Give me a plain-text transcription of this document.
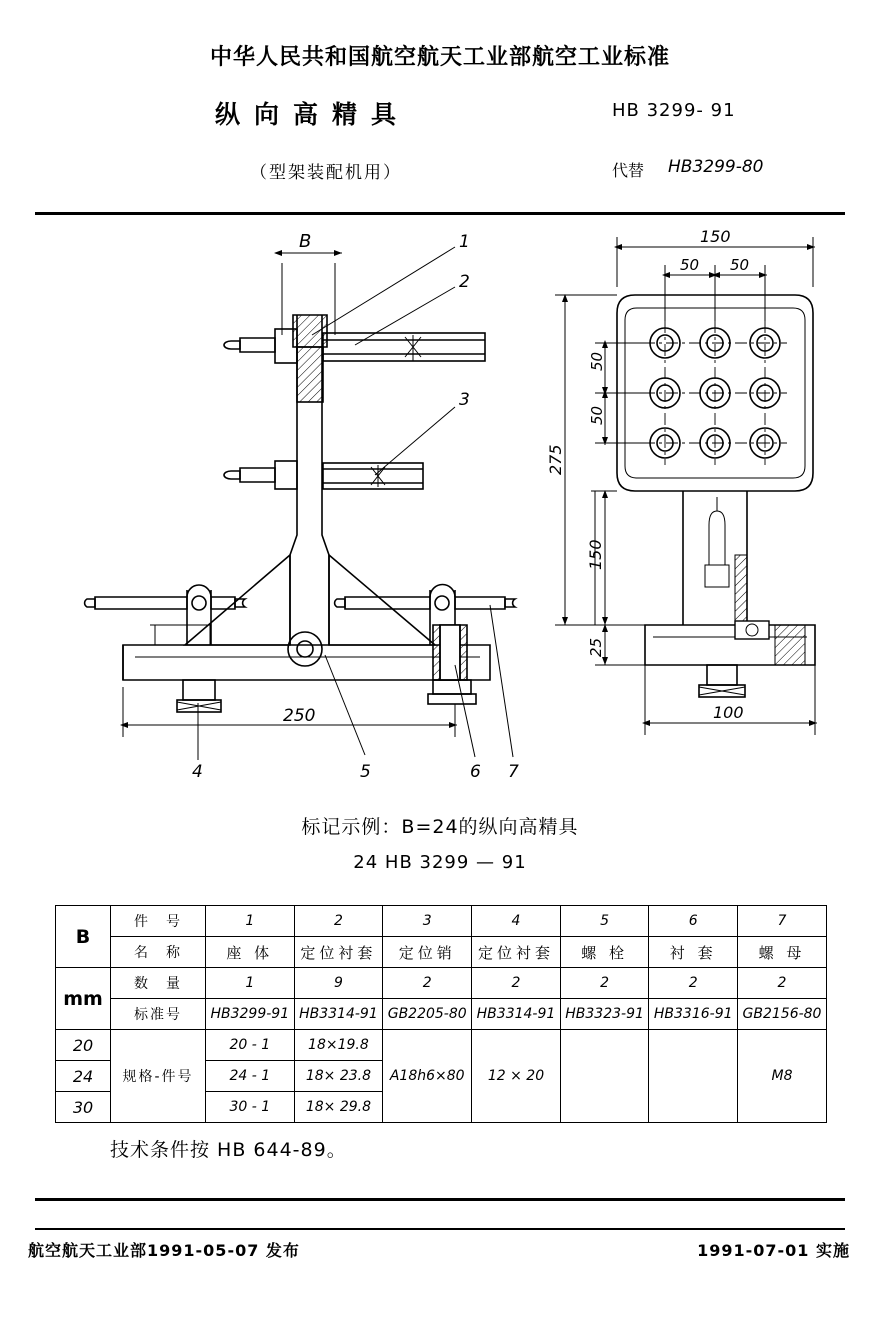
中华人民共和国航空航天工业部航空工业标准
纵向高精具
（型架装配机用）
HB 3299- 91
代替 HB3299-80
1
2
3
4	5	6 7
B
250
150
50 50
50
50
275
150
25
100
标记示例：B=24的纵向高精具
24 HB 3299 — 91
B	件　号	1	2	3	4	5	6	7
	名　称	座 体	定位衬套	定位销	定位衬套	螺 栓	衬 套	螺 母
mm	数　量	1	9	2	2	2	2	2
	标准号	HB3299-91	HB3314-91	GB2205-80	HB3314-91	HB3323-91	HB3316-91	GB2156-80
20	规格-件号	20 - 1	18×19.8	A18h6×80	12 × 20			M8
24		24 - 1	18× 23.8					
30		30 - 1	18× 29.8					
技术条件按 HB 644-89。
航空航天工业部1991-05-07 发布	1991-07-01 实施
